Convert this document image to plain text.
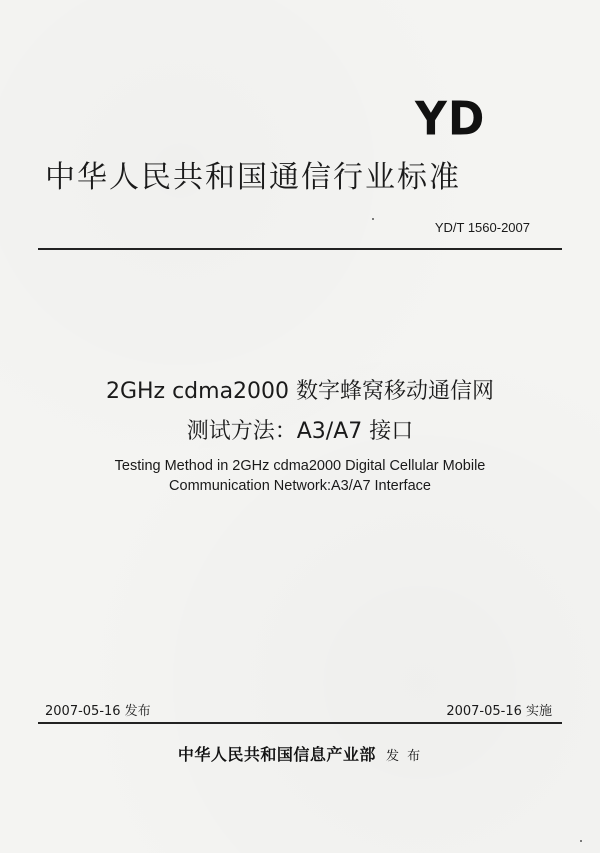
YD
中华人民共和国通信行业标准
YD/T 1560-2007
2GHz cdma2000 数字蜂窝移动通信网
测试方法：A3/A7 接口
Testing Method in 2GHz cdma2000 Digital Cellular Mobile
Communication Network:A3/A7 Interface
2007-05-16 发布	2007-05-16 实施
中华人民共和国信息产业部 发 布
